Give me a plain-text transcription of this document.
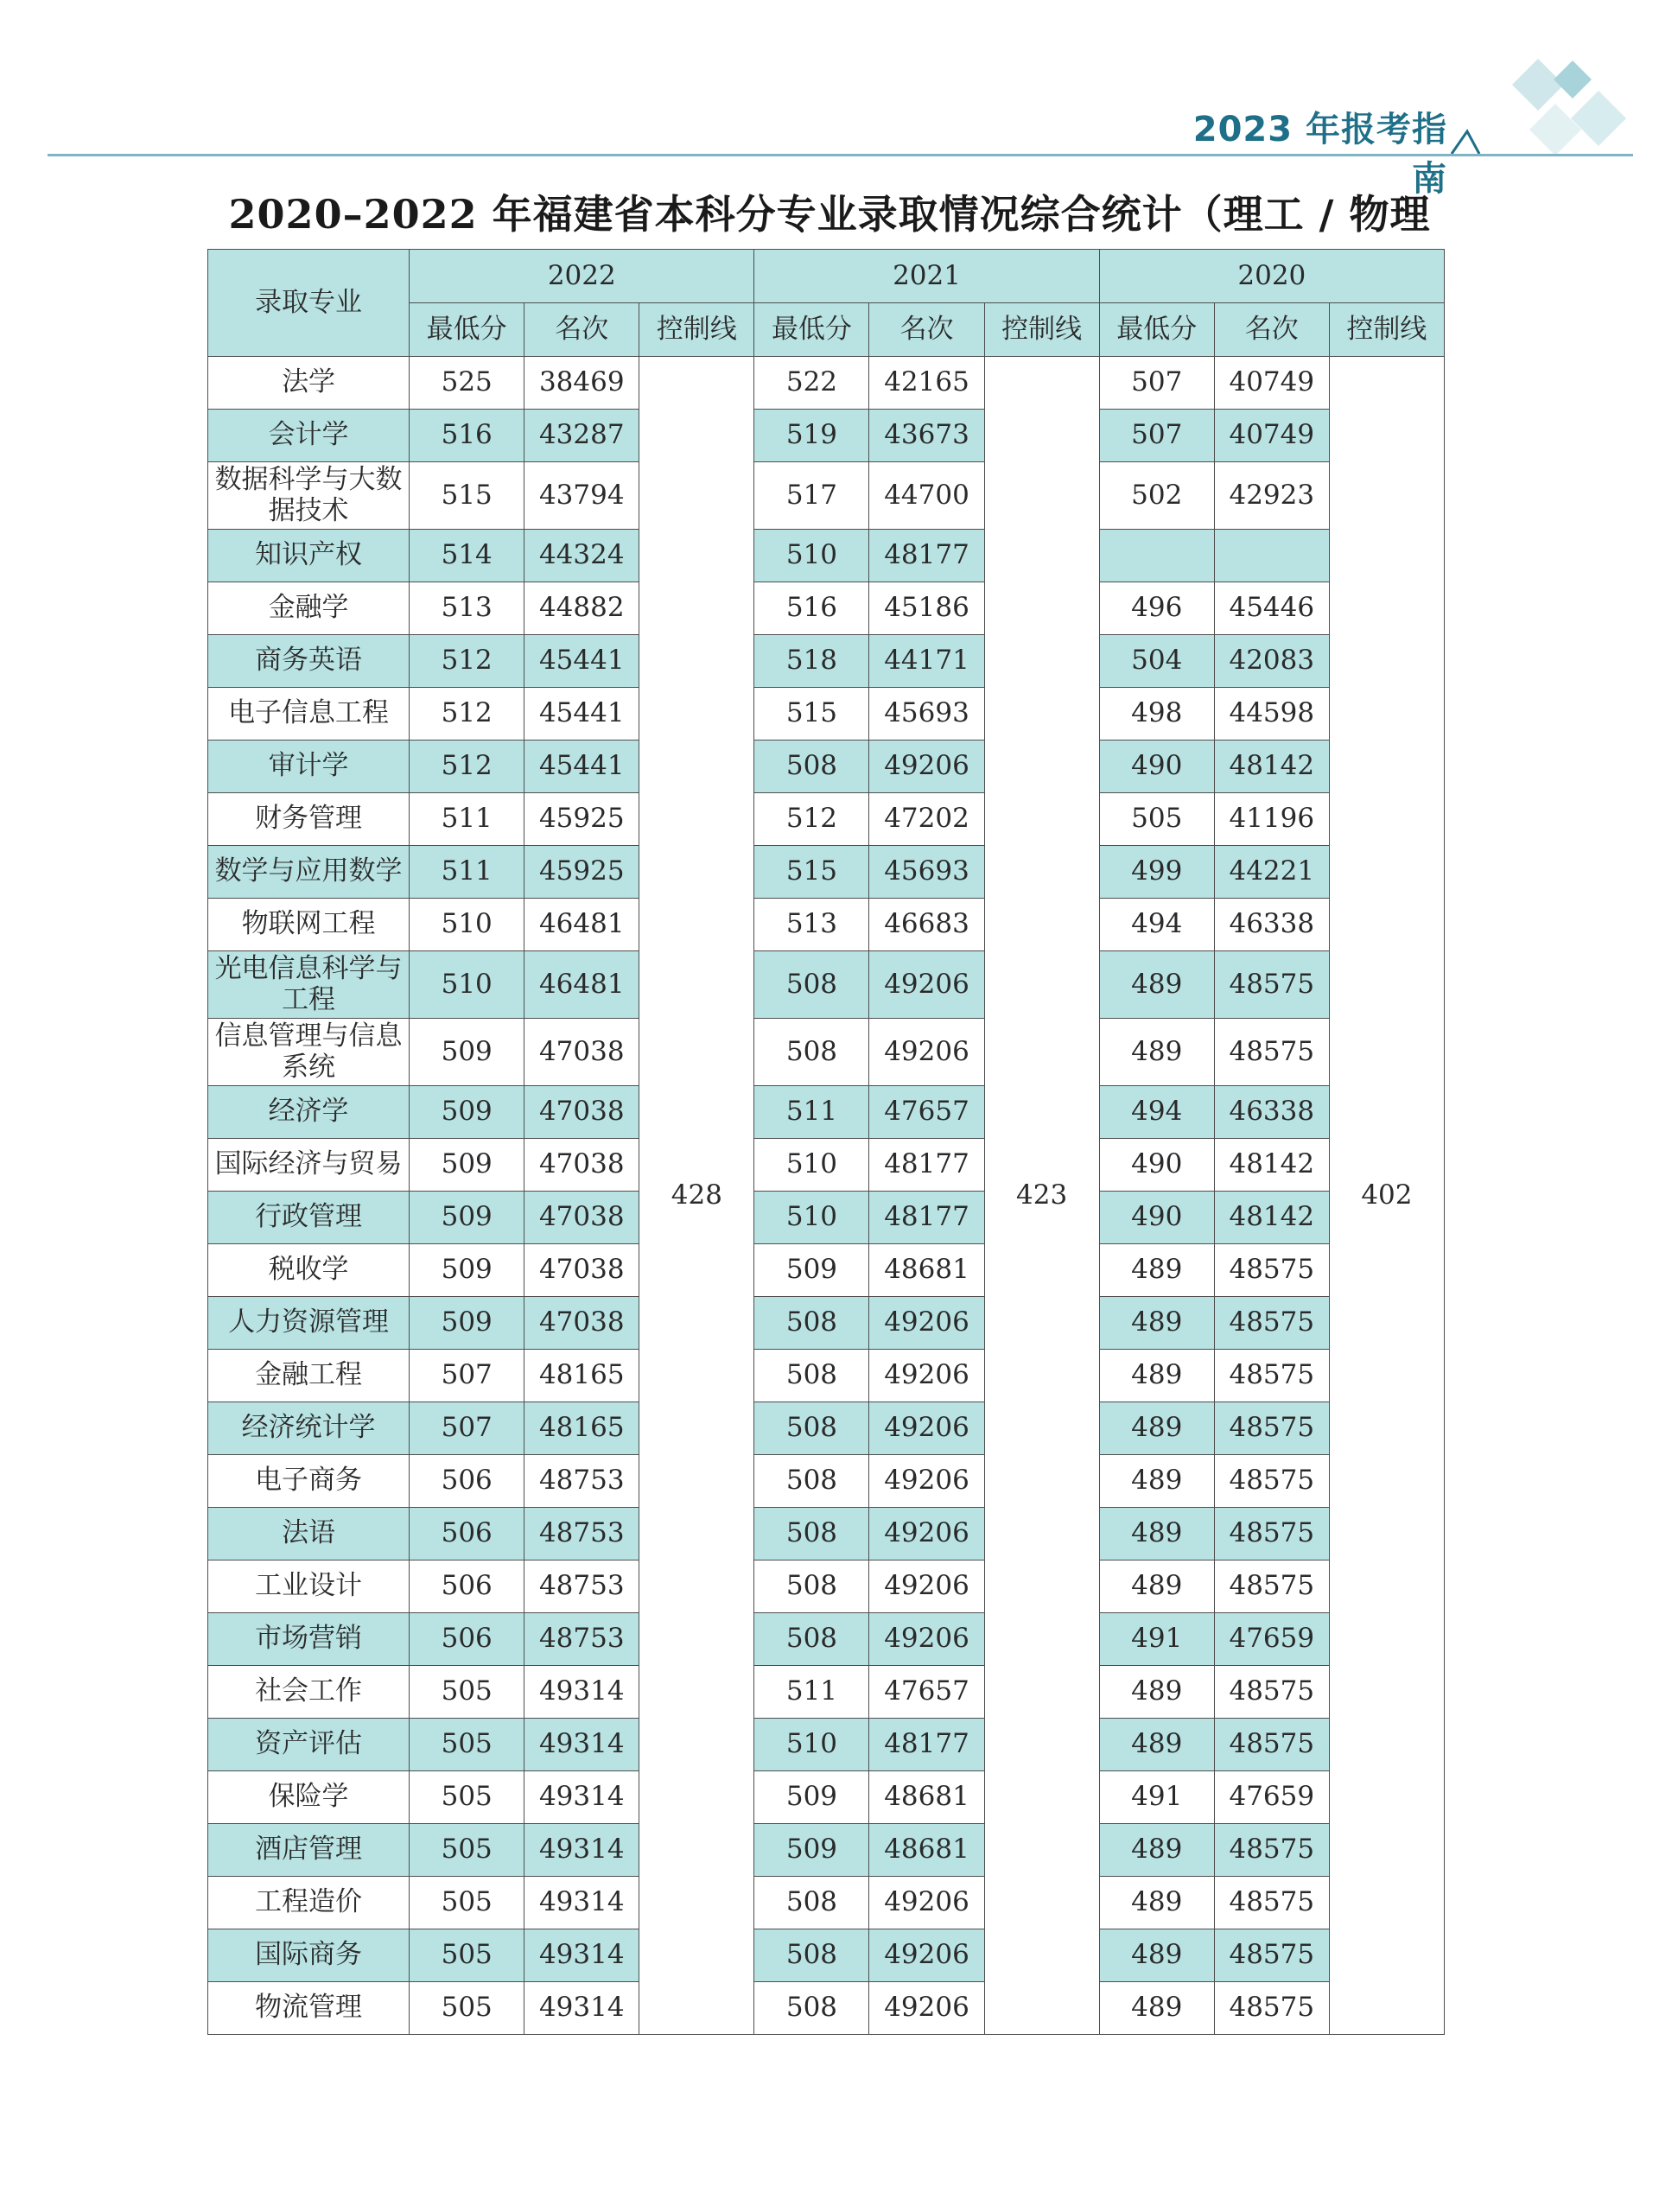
2023 年报考指南
2020–2022 年福建省本科分专业录取情况综合统计（理工 / 物理
录取专业	2022			2021			2020		
	最低分	名次	控制线	最低分	名次	控制线	最低分	名次	控制线
法学	525	38469	428	522	42165	423	507	40749	402
会计学	516	43287		519	43673		507	40749	
数据科学与大数据技术	515	43794		517	44700		502	42923	
知识产权	514	44324		510	48177				
金融学	513	44882		516	45186		496	45446	
商务英语	512	45441		518	44171		504	42083	
电子信息工程	512	45441		515	45693		498	44598	
审计学	512	45441		508	49206		490	48142	
财务管理	511	45925		512	47202		505	41196	
数学与应用数学	511	45925		515	45693		499	44221	
物联网工程	510	46481		513	46683		494	46338	
光电信息科学与工程	510	46481		508	49206		489	48575	
信息管理与信息系统	509	47038		508	49206		489	48575	
经济学	509	47038		511	47657		494	46338	
国际经济与贸易	509	47038		510	48177		490	48142	
行政管理	509	47038		510	48177		490	48142	
税收学	509	47038		509	48681		489	48575	
人力资源管理	509	47038		508	49206		489	48575	
金融工程	507	48165		508	49206		489	48575	
经济统计学	507	48165		508	49206		489	48575	
电子商务	506	48753		508	49206		489	48575	
法语	506	48753		508	49206		489	48575	
工业设计	506	48753		508	49206		489	48575	
市场营销	506	48753		508	49206		491	47659	
社会工作	505	49314		511	47657		489	48575	
资产评估	505	49314		510	48177		489	48575	
保险学	505	49314		509	48681		491	47659	
酒店管理	505	49314		509	48681		489	48575	
工程造价	505	49314		508	49206		489	48575	
国际商务	505	49314		508	49206		489	48575	
物流管理	505	49314		508	49206		489	48575	
